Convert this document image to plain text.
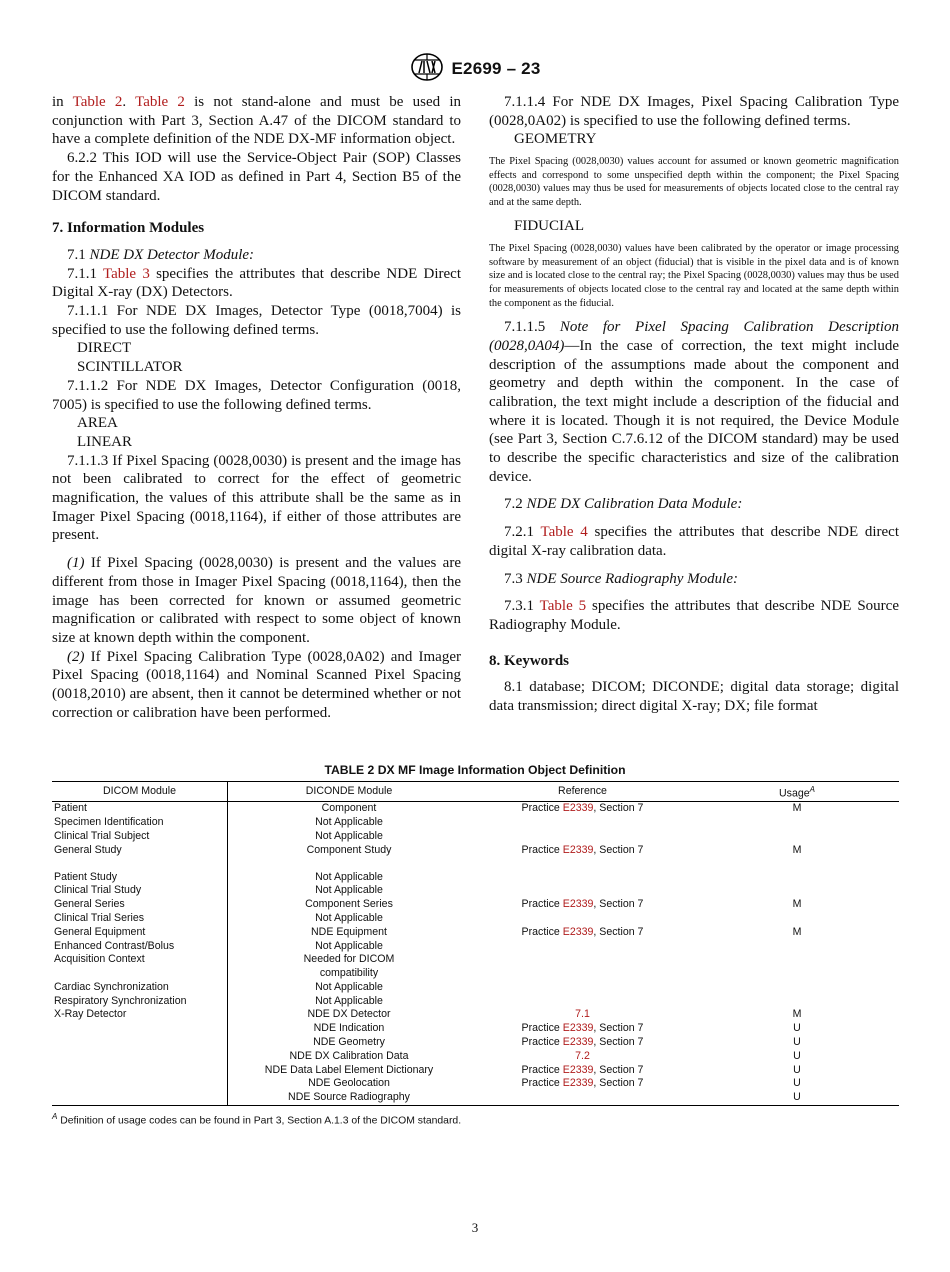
E2699 – 23

in Table 2. Table 2 is not stand-alone and must be used in conjunction with Part 3, Section A.47 of the DICOM standard to have a complete definition of the NDE DX-MF information object.

6.2.2 This IOD will use the Service-Object Pair (SOP) Classes for the Enhanced XA IOD as defined in Part 4, Section B5 of the DICOM standard.

7. Information Modules

7.1 NDE DX Detector Module:

7.1.1 Table 3 specifies the attributes that describe NDE Direct Digital X-ray (DX) Detectors.

7.1.1.1 For NDE DX Images, Detector Type (0018,7004) is specified to use the following defined terms.

DIRECT

SCINTILLATOR

7.1.1.2 For NDE DX Images, Detector Configuration (0018, 7005) is specified to use the following defined terms.

AREA

LINEAR

7.1.1.3 If Pixel Spacing (0028,0030) is present and the image has not been calibrated to correct for the effect of geometric magnification, the values of this attribute shall be the same as in Imager Pixel Spacing (0018,1164), if either of those attributes are present.

(1) If Pixel Spacing (0028,0030) is present and the values are different from those in Imager Pixel Spacing (0018,1164), then the image has been corrected for known or assumed geometric magnification or calibrated with respect to some object of known size at known depth within the component.

(2) If Pixel Spacing Calibration Type (0028,0A02) and Imager Pixel Spacing (0018,1164) and Nominal Scanned Pixel Spacing (0018,2010) are absent, then it cannot be determined whether or not correction or calibration have been performed.

7.1.1.4 For NDE DX Images, Pixel Spacing Calibration Type (0028,0A02) is specified to use the following defined terms.

GEOMETRY

The Pixel Spacing (0028,0030) values account for assumed or known geometric magnification effects and correspond to some unspecified depth within the component; the Pixel Spacing (0028,0030) values may thus be used for measurements of objects located close to the central ray and at the same depth.

FIDUCIAL

The Pixel Spacing (0028,0030) values have been calibrated by the operator or image processing software by measurement of an object (fiducial) that is visible in the pixel data and is of known size and is located close to the central ray; the Pixel Spacing (0028,0030) values may thus be used for measurements of objects located close to the central ray and located at the same depth within the component as the fiducial.

7.1.1.5 Note for Pixel Spacing Calibration Description (0028,0A04)—In the case of correction, the text might include description of the assumptions made about the component and geometry and depth within the component. In the case of calibration, the text might include a description of the fiducial and where it is located. Though it is not required, the Device Module (see Part 3, Section C.7.6.12 of the DICOM standard) may be used to describe the specific characteristics and size of the calibration device.

7.2 NDE DX Calibration Data Module:

7.2.1 Table 4 specifies the attributes that describe NDE direct digital X-ray calibration data.

7.3 NDE Source Radiography Module:

7.3.1 Table 5 specifies the attributes that describe NDE Source Radiography Module.

8. Keywords

8.1 database; DICOM; DICONDE; digital data storage; digital data transmission; direct digital X-ray; DX; file format

TABLE 2 DX MF Image Information Object Definition
DICOM Module	DICONDE Module	Reference	Usage$^A$
Patient	Component	Practice E2339, Section 7	M
Specimen Identification	Not Applicable		
Clinical Trial Subject	Not Applicable		
General Study	Component Study	Practice E2339, Section 7	M

Patient Study	Not Applicable		
Clinical Trial Study	Not Applicable		
General Series	Component Series	Practice E2339, Section 7	M
Clinical Trial Series	Not Applicable		
General Equipment	NDE Equipment	Practice E2339, Section 7	M
Enhanced Contrast/Bolus	Not Applicable		
Acquisition Context	Needed for DICOM		
	compatibility		
Cardiac Synchronization	Not Applicable		
Respiratory Synchronization	Not Applicable		
X-Ray Detector	NDE DX Detector	7.1	M
	NDE Indication	Practice E2339, Section 7	U
	NDE Geometry	Practice E2339, Section 7	U
	NDE DX Calibration Data	7.2	U
	NDE Data Label Element Dictionary	Practice E2339, Section 7	U
	NDE Geolocation	Practice E2339, Section 7	U
	NDE Source Radiography		U
$^A$ Definition of usage codes can be found in Part 3, Section A.1.3 of the DICOM standard.
3
